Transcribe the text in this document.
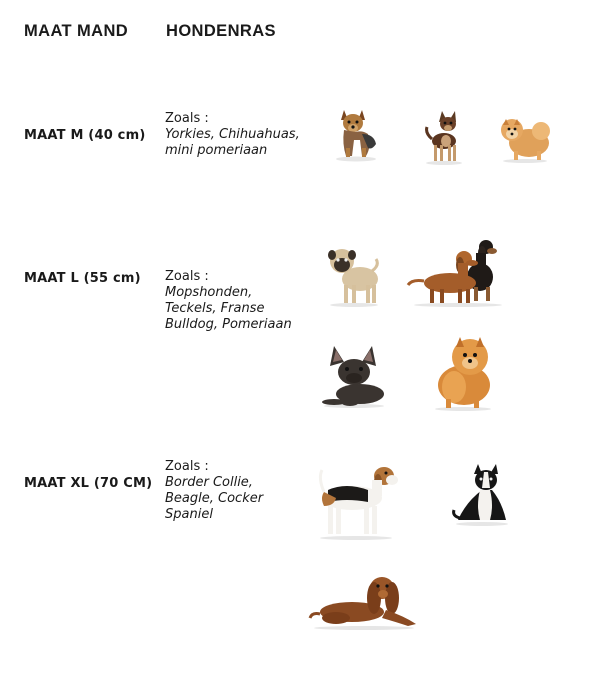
MAAT MAND HONDENRAS
MAAT M (40 cm)
Zoals :
Yorkies, Chihuahuas, mini pomeriaan
MAAT L (55 cm) Zoals :
Mopshonden, Teckels, Franse Bulldog, Pomeriaan
MAAT XL (70 CM)
Zoals :
Border Collie, Beagle, Cocker Spaniel
